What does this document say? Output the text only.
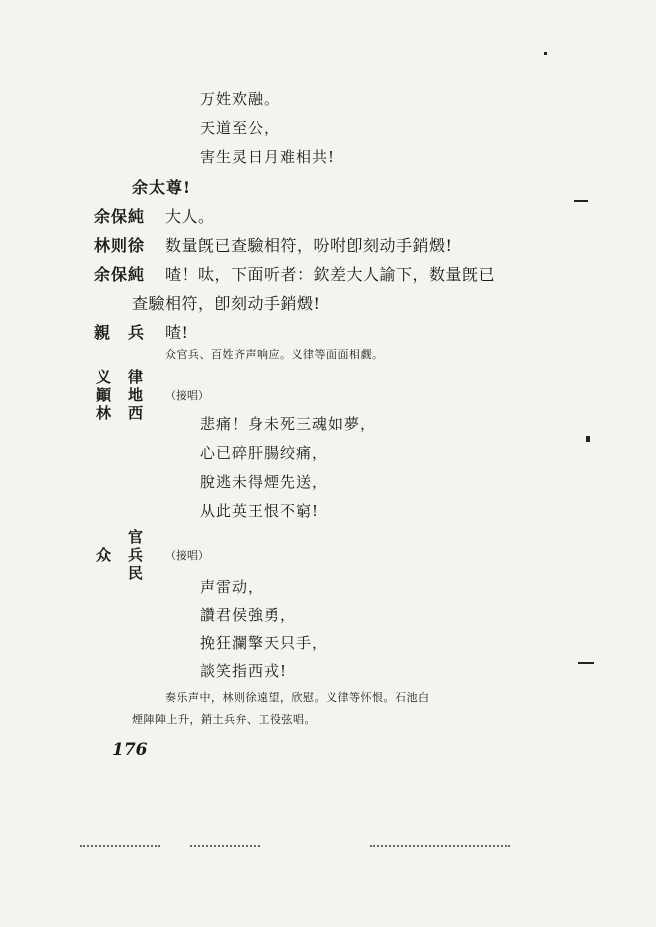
万姓欢融。
天道至公，
害生灵日月难相共!
余太尊!
余保純 大人。
林则徐 数量旣已查驗相符，吩咐卽刻动手銷燬!
余保純 喳！呔，下面听者：欽差大人諭下，数量旣已
查驗相符，卽刻动手銷燬!
親　兵 喳!
众官兵、百姓齐声响应。义律等面面相觑。
义 律
顚 地
林 西
（接唱）
悲痛！身未死三魂如夢，
心已碎肝腸绞痛，
脫逃未得煙先送，
从此英王恨不窮!
官
众 兵
民
（接唱）
声雷动，
讚君侯強勇，
挽狂瀾擎天只手，
談笑指西戎!
奏乐声中，林则徐遠望，欣慰。义律等怀恨。石池白
煙陣陣上升，銷土兵弁、工役弦唱。
176
